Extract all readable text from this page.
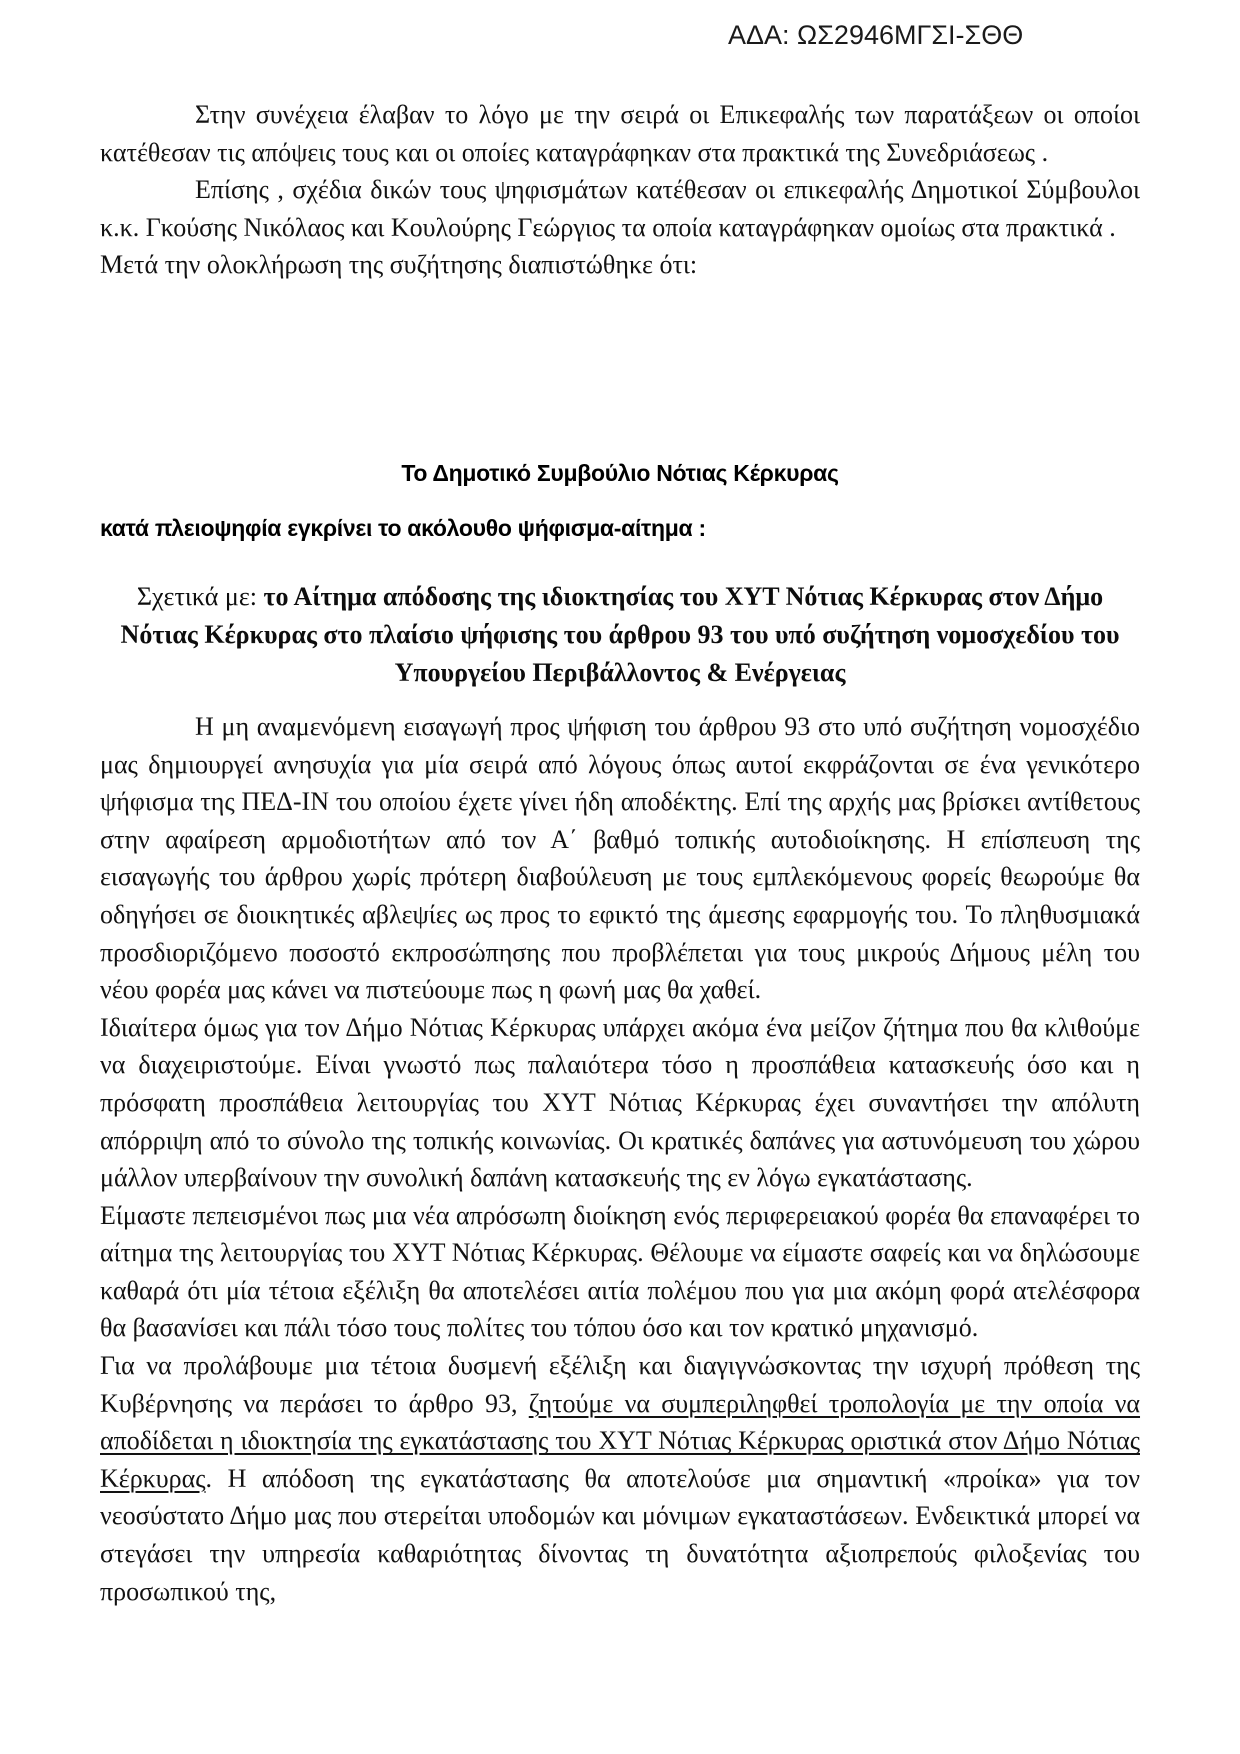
ΑΔΑ: ΩΣ2946ΜΓΣΙ-ΣΘΘ

Στην συνέχεια έλαβαν το λόγο με την σειρά οι Επικεφαλής των παρατάξεων οι οποίοι κατέθεσαν τις απόψεις τους και οι οποίες καταγράφηκαν στα πρακτικά της Συνεδριάσεως .

Επίσης , σχέδια δικών τους ψηφισμάτων κατέθεσαν οι επικεφαλής Δημοτικοί Σύμβουλοι κ.κ. Γκούσης Νικόλαος και Κουλούρης Γεώργιος τα οποία καταγράφηκαν ομοίως στα πρακτικά .

Μετά την ολοκλήρωση της συζήτησης διαπιστώθηκε ότι:

Το Δημοτικό Συμβούλιο Νότιας Κέρκυρας
κατά πλειοψηφία εγκρίνει το ακόλουθο ψήφισμα-αίτημα :
Σχετικά με: το Αίτημα απόδοσης της ιδιοκτησίας του ΧΥΤ Νότιας Κέρκυρας στον Δήμο Νότιας Κέρκυρας στο πλαίσιο ψήφισης του άρθρου 93 του υπό συζήτηση νομοσχεδίου του Υπουργείου Περιβάλλοντος & Ενέργειας

Η μη αναμενόμενη εισαγωγή προς ψήφιση του άρθρου 93 στο υπό συζήτηση νομοσχέδιο μας δημιουργεί ανησυχία για μία σειρά από λόγους όπως αυτοί εκφράζονται σε ένα γενικότερο ψήφισμα της ΠΕΔ-ΙΝ του οποίου έχετε γίνει ήδη αποδέκτης. Επί της αρχής μας βρίσκει αντίθετους στην αφαίρεση αρμοδιοτήτων από τον Α΄ βαθμό τοπικής αυτοδιοίκησης. Η επίσπευση της εισαγωγής του άρθρου χωρίς πρότερη διαβούλευση με τους εμπλεκόμενους φορείς θεωρούμε θα οδηγήσει σε διοικητικές αβλεψίες ως προς το εφικτό της άμεσης εφαρμογής του. Το πληθυσμιακά προσδιοριζόμενο ποσοστό εκπροσώπησης που προβλέπεται για τους μικρούς Δήμους μέλη του νέου φορέα μας κάνει να πιστεύουμε πως η φωνή μας θα χαθεί.

Ιδιαίτερα όμως για τον Δήμο Νότιας Κέρκυρας υπάρχει ακόμα ένα μείζον ζήτημα που θα κλιθούμε να διαχειριστούμε. Είναι γνωστό πως παλαιότερα τόσο η προσπάθεια κατασκευής όσο και η πρόσφατη προσπάθεια λειτουργίας του ΧΥΤ Νότιας Κέρκυρας έχει συναντήσει την απόλυτη απόρριψη από το σύνολο της τοπικής κοινωνίας. Οι κρατικές δαπάνες για αστυνόμευση του χώρου μάλλον υπερβαίνουν την συνολική δαπάνη κατασκευής της εν λόγω εγκατάστασης.

Είμαστε πεπεισμένοι πως μια νέα απρόσωπη διοίκηση ενός περιφερειακού φορέα θα επαναφέρει το αίτημα της λειτουργίας του ΧΥΤ Νότιας Κέρκυρας. Θέλουμε να είμαστε σαφείς και να δηλώσουμε καθαρά ότι μία τέτοια εξέλιξη θα αποτελέσει αιτία πολέμου που για μια ακόμη φορά ατελέσφορα θα βασανίσει και πάλι τόσο τους πολίτες του τόπου όσο και τον κρατικό μηχανισμό.

Για να προλάβουμε μια τέτοια δυσμενή εξέλιξη και διαγιγνώσκοντας την ισχυρή πρόθεση της Κυβέρνησης να περάσει το άρθρο 93, ζητούμε να συμπεριληφθεί τροπολογία με την οποία να αποδίδεται η ιδιοκτησία της εγκατάστασης του ΧΥΤ Νότιας Κέρκυρας οριστικά στον Δήμο Νότιας Κέρκυρας. Η απόδοση της εγκατάστασης θα αποτελούσε μια σημαντική «προίκα» για τον νεοσύστατο Δήμο μας που στερείται υποδομών και μόνιμων εγκαταστάσεων. Ενδεικτικά μπορεί να στεγάσει την υπηρεσία καθαριότητας δίνοντας τη δυνατότητα αξιοπρεπούς φιλοξενίας του προσωπικού της,
